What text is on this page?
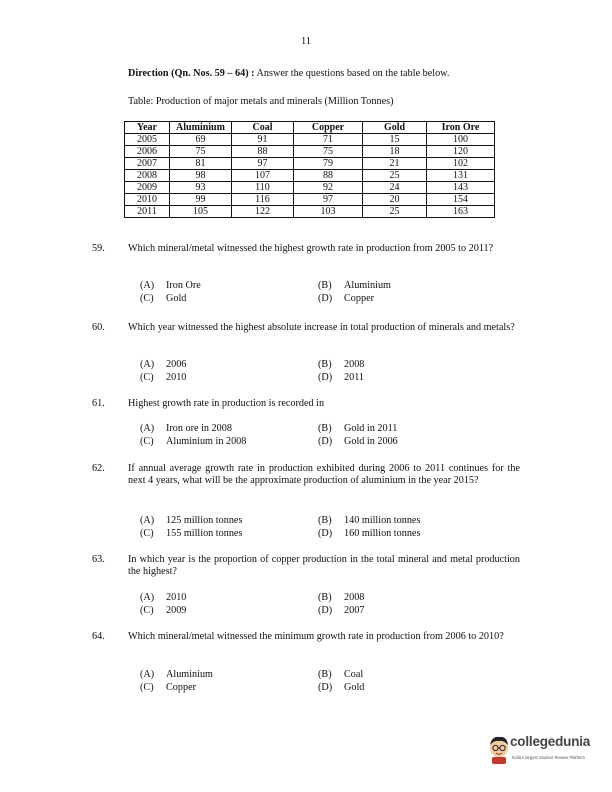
11
Direction (Qn. Nos. 59 – 64) : Answer the questions based on the table below.
Table: Production of major metals and minerals (Million Tonnes)
Year	Aluminium	Coal	Copper	Gold	Iron Ore
2005	69	91	71	15	100
2006	75	88	75	18	120
2007	81	97	79	21	102
2008	98	107	88	25	131
2009	93	110	92	24	143
2010	99	116	97	20	154
2011	105	122	103	25	163
59. Which mineral/metal witnessed the highest growth rate in production from 2005 to 2011?
(A) Iron Ore	(B) Aluminium
(C) Gold	(D) Copper
60. Which year witnessed the highest absolute increase in total production of minerals and metals?
(A) 2006	(B) 2008
(C) 2010	(D) 2011
61. Highest growth rate in production is recorded in
(A) Iron ore in 2008	(B) Gold in 2011
(C) Aluminium in 2008	(D) Gold in 2006
62. If annual average growth rate in production exhibited during 2006 to 2011 continues for the next 4 years, what will be the approximate production of aluminium in the year 2015?
(A) 125 million tonnes	(B) 140 million tonnes
(C) 155 million tonnes	(D) 160 million tonnes
63. In which year is the proportion of copper production in the total mineral and metal production the highest?
(A) 2010	(B) 2008
(C) 2009	(D) 2007
64. Which mineral/metal witnessed the minimum growth rate in production from 2006 to 2010?
(A) Aluminium	(B) Coal
(C) Copper	(D) Gold
collegedunia
India's largest Student Review Platform
